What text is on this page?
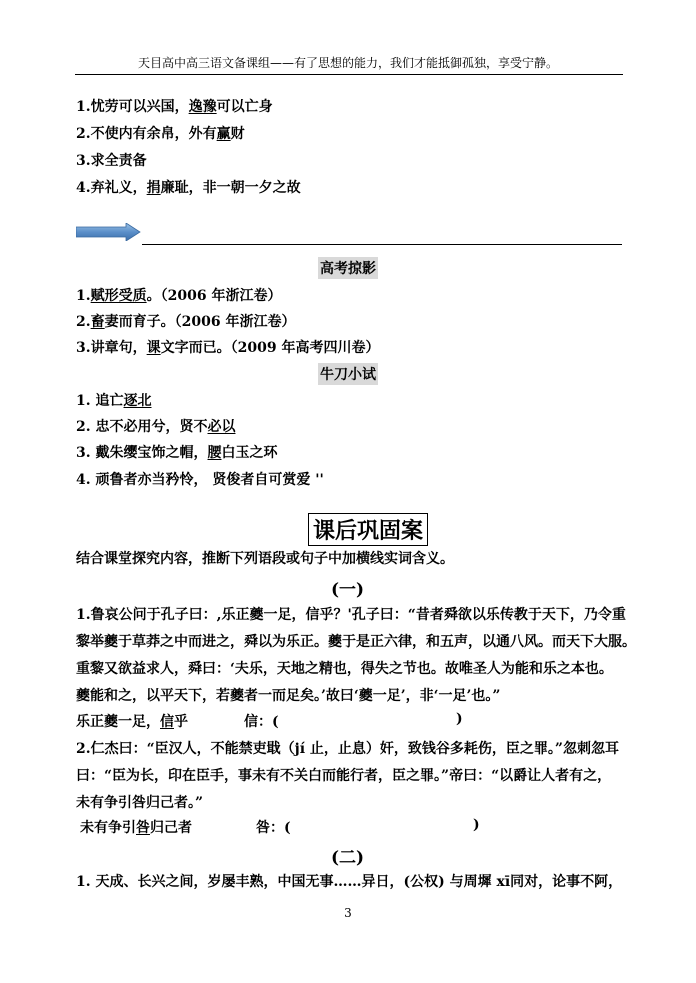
天目高中高三语文备课组——有了思想的能力，我们才能抵御孤独，享受宁静。
1.忧劳可以兴国，逸豫可以亡身
2.不使内有余帛，外有赢财
3.求全责备
4.弃礼义，捐廉耻，非一朝一夕之故
高考掠影
1.赋形受质。（2006 年浙江卷）
2.畜妻而育子。（2006 年浙江卷）
3.讲章句，课文字而已。（2009 年高考四川卷）
牛刀小试
1. 追亡逐北
2. 忠不必用兮，贤不必以
3. 戴朱缨宝饰之帽，腰白玉之环
4. 顽鲁者亦当矜怜， 贤俊者自可赏爱 ''
课后巩固案
结合课堂探究内容，推断下列语段或句子中加横线实词含义。
(一)
1.鲁哀公问于孔子曰：,乐正夔一足，信乎？'孔子曰：“昔者舜欲以乐传教于天下，乃令重
黎举夔于草莽之中而进之，舜以为乐正。夔于是正六律，和五声，以通八风。而天下大服。
重黎又欲益求人，舜曰：‘夫乐，天地之精也，得失之节也。故唯圣人为能和乐之本也。
夔能和之，以平天下，若夔者一而足矣。’故曰‘夔一足’，非‘一足’也。”
乐正夔一足，信乎	信：(	)
2.仁杰曰：“臣汉人，不能禁吏戢（jí 止，止息）奸，致钱谷多耗伤，臣之罪。”忽刺忽耳
曰：“臣为长，印在臣手，事未有不关白而能行者，臣之罪。”帝曰：“以爵让人者有之，
未有争引咎归己者。”
未有争引咎归己者	咎：(	)
(二)
1. 天成、长兴之间，岁屡丰熟，中国无事……异日，(公权) 与周墀 xī同对，论事不阿，
3
